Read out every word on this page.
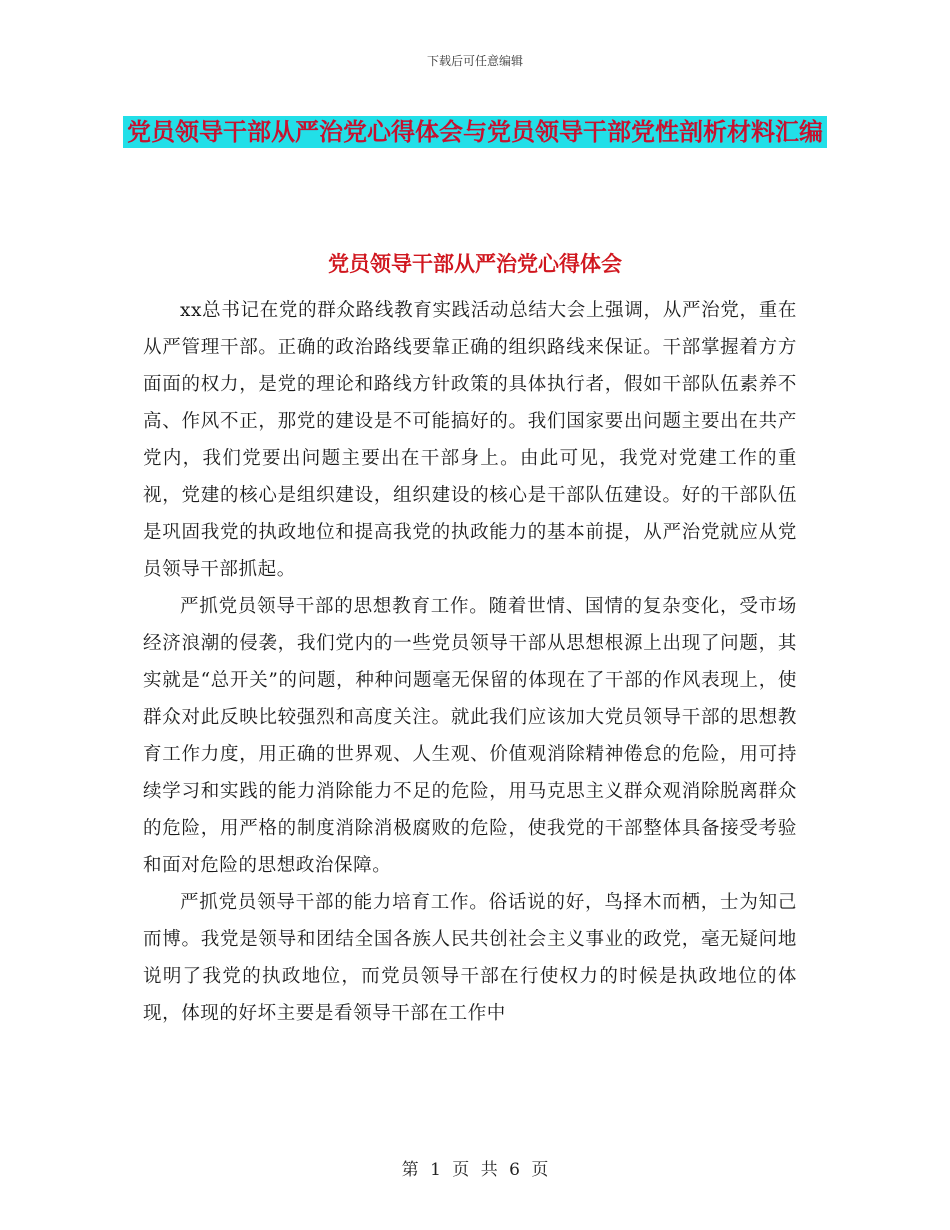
下载后可任意编辑
党员领导干部从严治党心得体会与党员领导干部党性剖析材料汇编
党员领导干部从严治党心得体会

xx总书记在党的群众路线教育实践活动总结大会上强调，从严治党，重在从严管理干部。正确的政治路线要靠正确的组织路线来保证。干部掌握着方方面面的权力，是党的理论和路线方针政策的具体执行者，假如干部队伍素养不高、作风不正，那党的建设是不可能搞好的。我们国家要出问题主要出在共产党内，我们党要出问题主要出在干部身上。由此可见，我党对党建工作的重视，党建的核心是组织建设，组织建设的核心是干部队伍建设。好的干部队伍是巩固我党的执政地位和提高我党的执政能力的基本前提，从严治党就应从党员领导干部抓起。

严抓党员领导干部的思想教育工作。随着世情、国情的复杂变化，受市场经济浪潮的侵袭，我们党内的一些党员领导干部从思想根源上出现了问题，其实就是“总开关”的问题，种种问题毫无保留的体现在了干部的作风表现上，使群众对此反映比较强烈和高度关注。就此我们应该加大党员领导干部的思想教育工作力度，用正确的世界观、人生观、价值观消除精神倦怠的危险，用可持续学习和实践的能力消除能力不足的危险，用马克思主义群众观消除脱离群众的危险，用严格的制度消除消极腐败的危险，使我党的干部整体具备接受考验和面对危险的思想政治保障。

严抓党员领导干部的能力培育工作。俗话说的好，鸟择木而栖，士为知己而博。我党是领导和团结全国各族人民共创社会主义事业的政党，毫无疑问地说明了我党的执政地位，而党员领导干部在行使权力的时候是执政地位的体现，体现的好坏主要是看领导干部在工作中

第 1 页 共 6 页
